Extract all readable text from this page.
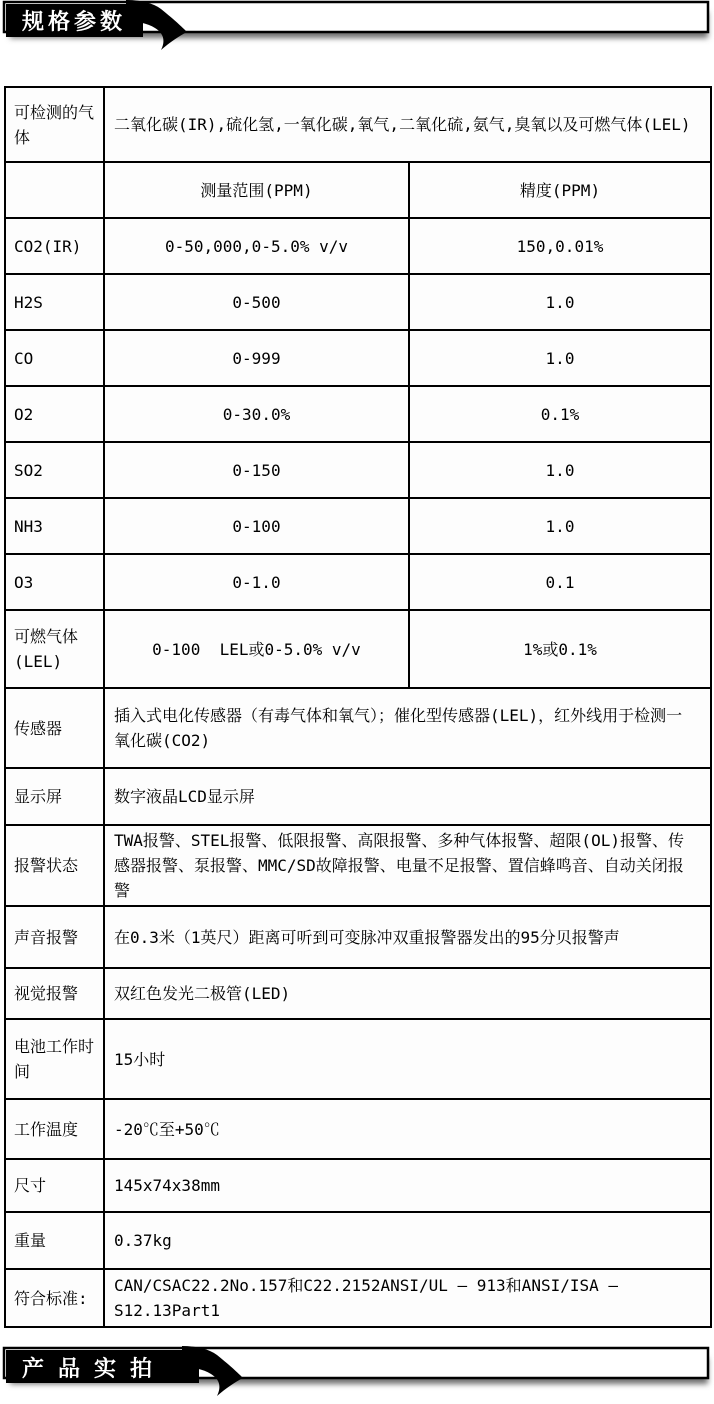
规格参数
可检测的气体	二氧化碳(IR),硫化氢,一氧化碳,氧气,二氧化硫,氨气,臭氧以及可燃气体(LEL)	
	测量范围(PPM)	精度(PPM)
CO2(IR)	0-50,000,0-5.0% v/v	150,0.01%
H2S	0-500	1.0
CO	0-999	1.0
O2	0-30.0%	0.1%
SO2	0-150	1.0
NH3	0-100	1.0
O3	0-1.0	0.1
可燃气体(LEL)	0-100  LEL或0-5.0% v/v	1%或0.1%
传感器	插入式电化传感器（有毒气体和氧气）；催化型传感器(LEL)，红外线用于检测一氧化碳(CO2)	
显示屏	数字液晶LCD显示屏	
报警状态	TWA报警、STEL报警、低限报警、高限报警、多种气体报警、超限(OL)报警、传感器报警、泵报警、MMC/SD故障报警、电量不足报警、置信蜂鸣音、自动关闭报警	
声音报警	在0.3米（1英尺）距离可听到可变脉冲双重报警器发出的95分贝报警声	
视觉报警	双红色发光二极管(LED)	
电池工作时间	15小时	
工作温度	-20℃至+50℃	
尺寸	145x74x38mm	
重量	0.37kg	
符合标准:	CAN/CSAC22.2No.157和C22.2152ANSI/UL – 913和ANSI/ISA – S12.13Part1	
产品实拍
